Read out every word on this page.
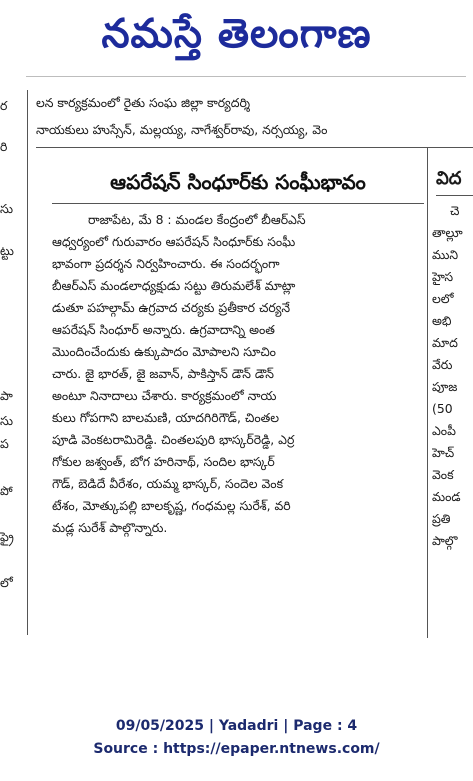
నమస్తే తెలంగాణ
ర
రి
సు
ట్టు
పా
సు
ప
పో
ఫ్రై
లో
లన కార్యక్రమంలో రైతు సంఘ జిల్లా కార్యదర్శి
నాయకులు హుస్సేన్, మల్లయ్య, నాగేశ్వర్‌రావు, నర్సయ్య, వెం
ఆపరేషన్ సింధూర్‌కు సంఘీభావం
రాజాపేట, మే 8 : మండల కేంద్రంలో బీఆర్ఎస్
ఆధ్వర్యంలో గురువారం ఆపరేషన్ సింధూర్‌కు సంఘీ
భావంగా ప్రదర్శన నిర్వహించారు. ఈ సందర్భంగా
బీఆర్ఎస్ మండలాధ్యక్షుడు సట్టు తిరుమలేశ్ మాట్లా
డుతూ పహల్గామ్ ఉగ్రవాద చర్యకు ప్రతీకార చర్యనే
ఆపరేషన్ సింధూర్ అన్నారు. ఉగ్రవాదాన్ని అంత
మొందించేందుకు ఉక్కుపాదం మోపాలని సూచిం
చారు. జై భారత్, జై జవాన్, పాకిస్తాన్ డౌన్ డౌన్
అంటూ నినాదాలు చేశారు. కార్యక్రమంలో నాయ
కులు గోపగాని బాలమణి, యాదగిరిగౌడ్, చింతల
పూడి వెంకటరామిరెడ్డి. చింతలపురి భాస్కర్‌రెడ్డి, ఎర్ర
గోకుల జశ్వంత్, బోగ హరినాథ్, సందిల భాస్కర్
గౌడ్, బెడిదే వీరేశం, యమ్మ భాస్కర్, సందెల వెంక
టేశం, మోత్కుపల్లి బాలకృష్ణ, గంధమల్ల సురేశ్, వరి
మడ్ల సురేశ్ పాల్గొన్నారు.
విద
చె
తాల్లూ
ముని
హైస
లలో
అభి
మాద
వేరు
పూజ
(50
ఎంపీ
హెచ్
వెంక
మండ
ప్రతి
పాల్గొ
09/05/2025 | Yadadri | Page : 4
Source : https://epaper.ntnews.com/
